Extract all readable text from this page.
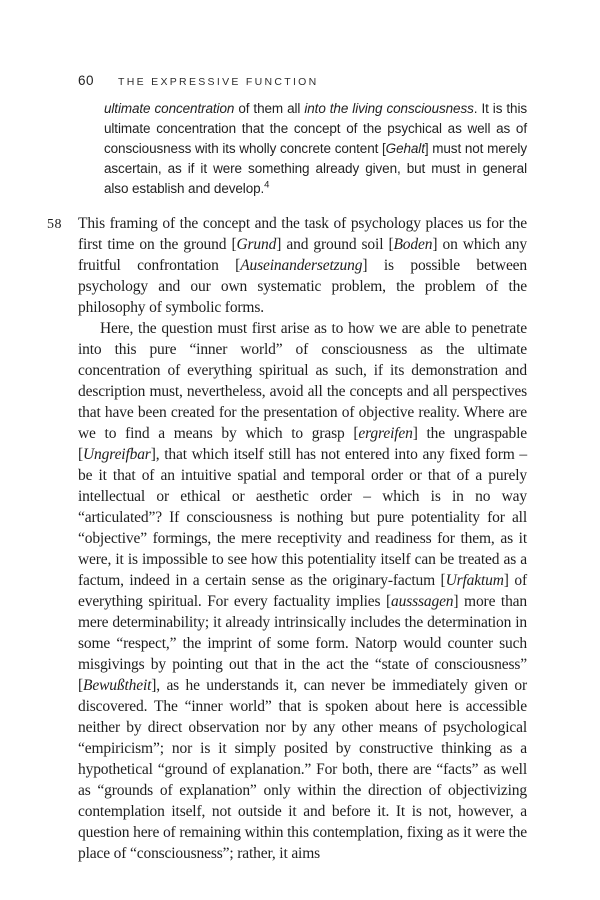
60 THE EXPRESSIVE FUNCTION
ultimate concentration of them all into the living consciousness. It is this ultimate concentration that the concept of the psychical as well as of consciousness with its wholly concrete content [Gehalt] must not merely ascertain, as if it were something already given, but must in general also establish and develop.$^4$

58 This framing of the concept and the task of psychology places us for the first time on the ground [Grund] and ground soil [Boden] on which any fruitful confrontation [Auseinandersetzung] is possible between psychology and our own systematic problem, the problem of the philosophy of symbolic forms.

Here, the question must first arise as to how we are able to penetrate into this pure “inner world” of consciousness as the ultimate concentration of everything spiritual as such, if its demonstration and description must, nevertheless, avoid all the concepts and all perspectives that have been created for the presentation of objective reality. Where are we to find a means by which to grasp [ergreifen] the ungraspable [Ungreifbar], that which itself still has not entered into any fixed form – be it that of an intuitive spatial and temporal order or that of a purely intellectual or ethical or aesthetic order – which is in no way “articulated”? If consciousness is nothing but pure potentiality for all “objective” formings, the mere receptivity and readiness for them, as it were, it is impossible to see how this potentiality itself can be treated as a factum, indeed in a certain sense as the originary-factum [Urfaktum] of everything spiritual. For every factuality implies [ausssagen] more than mere determinability; it already intrinsically includes the determination in some “respect,” the imprint of some form. Natorp would counter such misgivings by pointing out that in the act the “state of consciousness” [Bewußtheit], as he understands it, can never be immediately given or discovered. The “inner world” that is spoken about here is accessible neither by direct observation nor by any other means of psychological “empiricism”; nor is it simply posited by constructive thinking as a hypothetical “ground of explanation.” For both, there are “facts” as well as “grounds of explanation” only within the direction of objectivizing contemplation itself, not outside it and before it. It is not, however, a question here of remaining within this contemplation, fixing as it were the place of “consciousness”; rather, it aims
